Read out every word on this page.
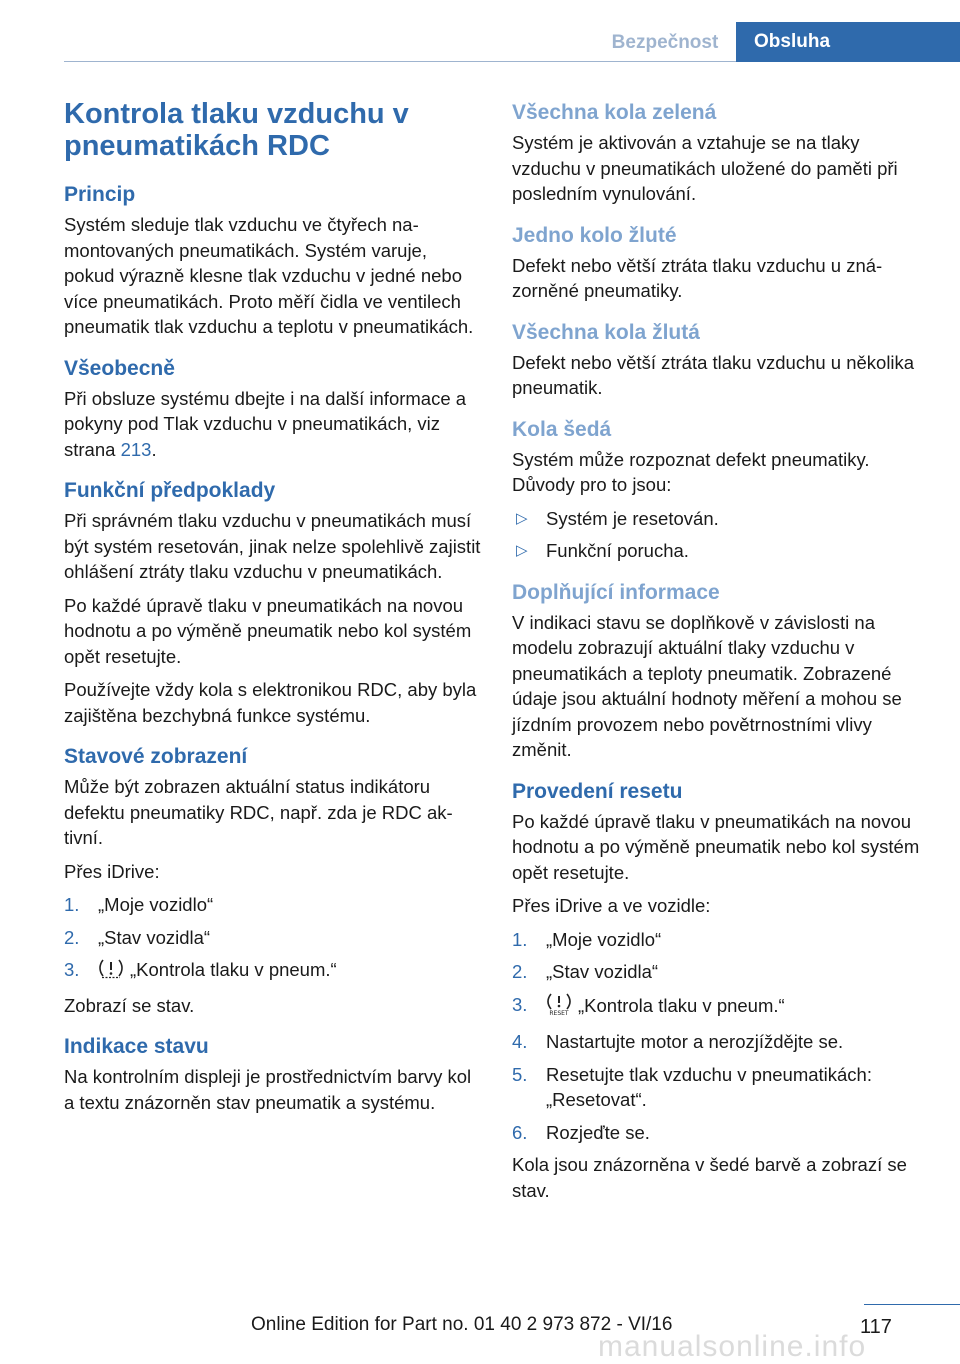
Bezpečnost	Obsluha
Kontrola tlaku vzduchu v pneumatikách RDC
Princip

Systém sleduje tlak vzduchu ve čtyřech namontovaných pneumatikách. Systém varuje, pokud výrazně klesne tlak vzduchu v jedné nebo více pneumatikách. Proto měří čidla ve ventilech pneumatik tlak vzduchu a teplotu v pneumatikách.

Všeobecně

Při obsluze systému dbejte i na další informace a pokyny pod Tlak vzduchu v pneumatikách, viz strana 213.

Funkční předpoklady

Při správném tlaku vzduchu v pneumatikách musí být systém resetován, jinak nelze spolehlivě zajistit ohlášení ztráty tlaku vzduchu v pneumatikách.

Po každé úpravě tlaku v pneumatikách na novou hodnotu a po výměně pneumatik nebo kol systém opět resetujte.

Používejte vždy kola s elektronikou RDC, aby byla zajištěna bezchybná funkce systému.

Stavové zobrazení

Může být zobrazen aktuální status indikátoru defektu pneumatiky RDC, např. zda je RDC aktivní.

Přes iDrive:

1. „Moje vozidlo“
2. „Stav vozidla“
3.	„Kontrola tlaku v pneum.“

Zobrazí se stav.

Indikace stavu

Na kontrolním displeji je prostřednictvím barvy kol a textu znázorněn stav pneumatik a systému.

Všechna kola zelená

Systém je aktivován a vztahuje se na tlaky vzduchu v pneumatikách uložené do paměti při posledním vynulování.

Jedno kolo žluté

Defekt nebo větší ztráta tlaku vzduchu u znázorněné pneumatiky.

Všechna kola žlutá

Defekt nebo větší ztráta tlaku vzduchu u několika pneumatik.

Kola šedá

Systém může rozpoznat defekt pneumatiky. Důvody pro to jsou:

▷ Systém je resetován.
▷ Funkční porucha.
Doplňující informace

V indikaci stavu se doplňkově v závislosti na modelu zobrazují aktuální tlaky vzduchu v pneumatikách a teploty pneumatik. Zobrazené údaje jsou aktuální hodnoty měření a mohou se jízdním provozem nebo povětrnostními vlivy změnit.

Provedení resetu

Po každé úpravě tlaku v pneumatikách na novou hodnotu a po výměně pneumatik nebo kol systém opět resetujte.

Přes iDrive a ve vozidle:

1. „Moje vozidlo“
2. „Stav vozidla“
3.	RESET „Kontrola tlaku v pneum.“
4. Nastartujte motor a nerozjíždějte se.
5. Resetujte tlak vzduchu v pneumatikách: „Resetovat“.
6. Rozjeďte se.

Kola jsou znázorněna v šedé barvě a zobrazí se stav.

117
Online Edition for Part no. 01 40 2 973 872 - VI/16
manualsonline.info
